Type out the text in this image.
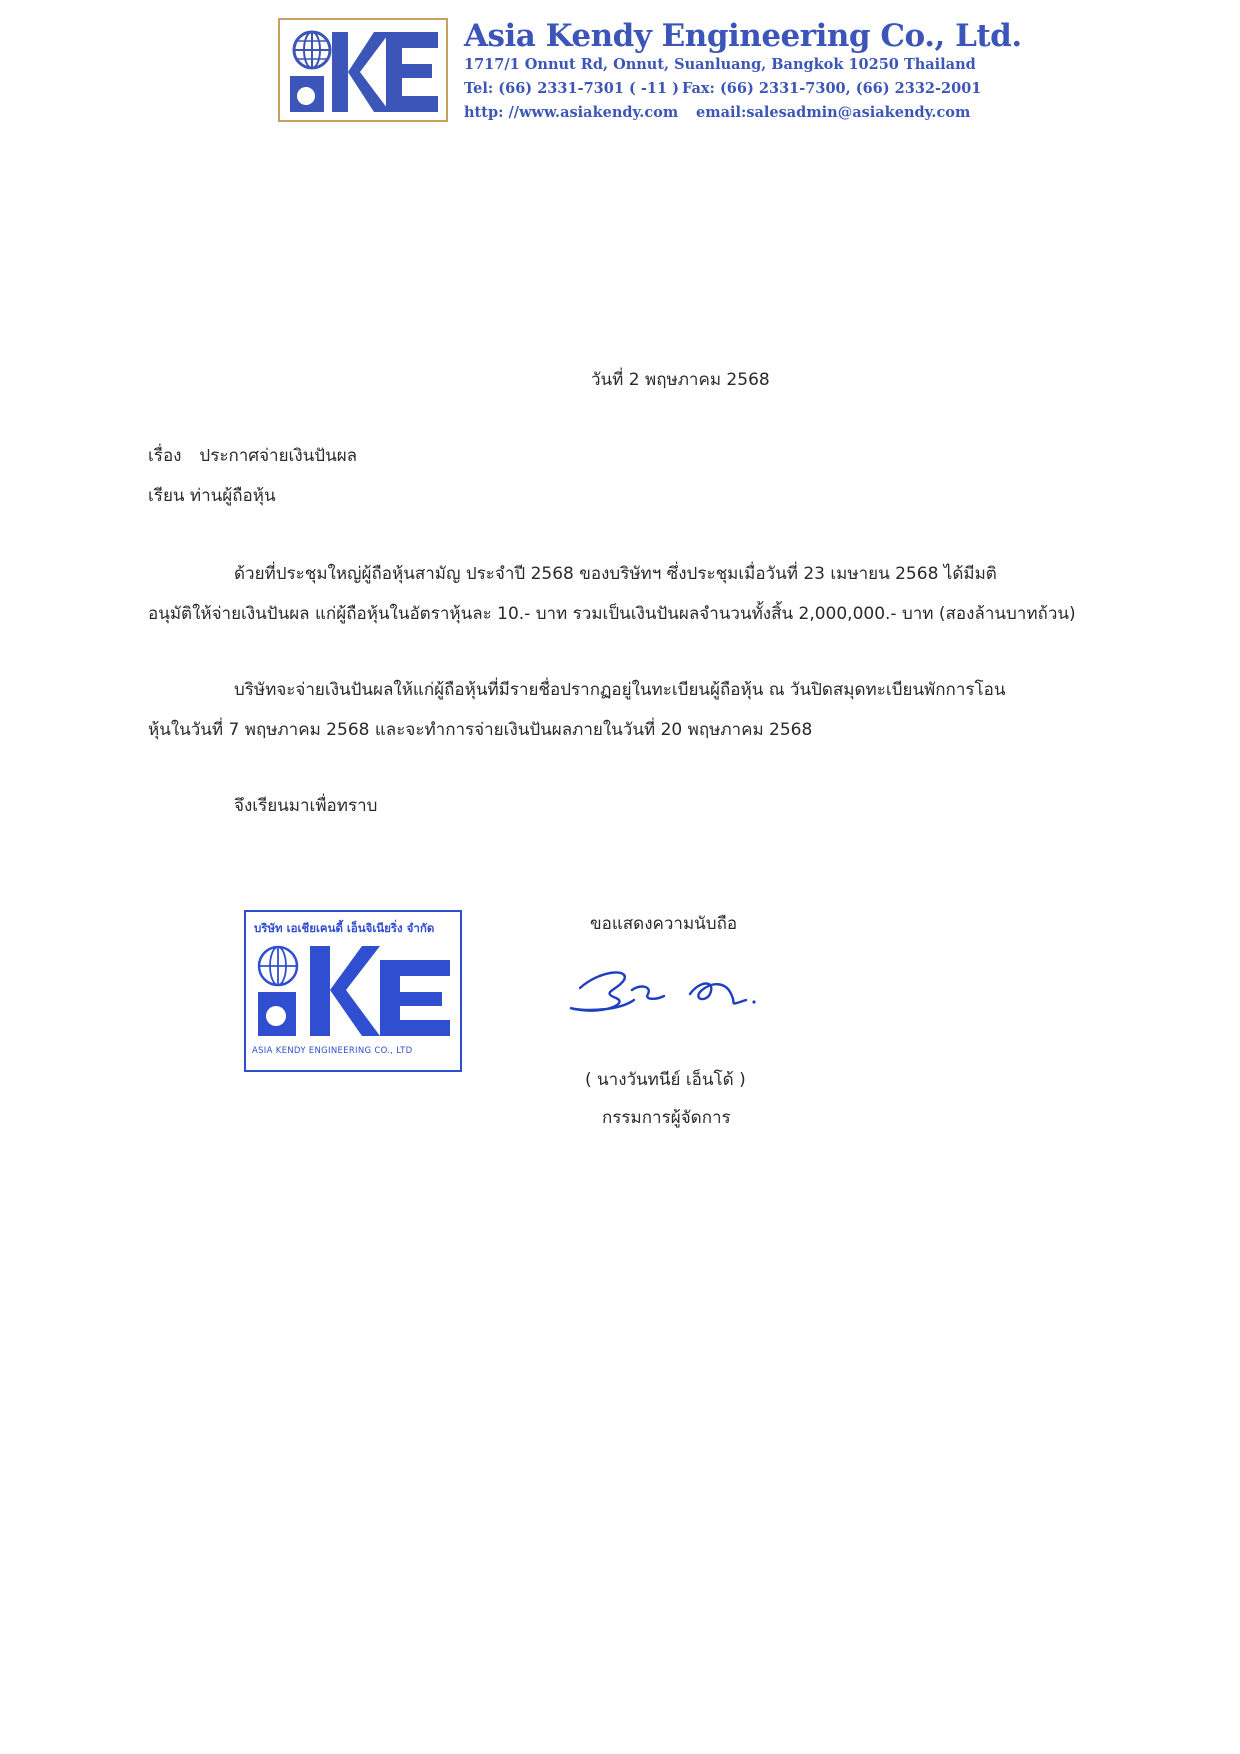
Asia Kendy Engineering Co., Ltd.
1717/1 Onnut Rd, Onnut, Suanluang, Bangkok 10250 Thailand
Tel: (66) 2331-7301 ( -11 ) Fax: (66) 2331-7300, (66) 2332-2001
http: //www.asiakendy.com email:salesadmin@asiakendy.com
วันที่ 2 พฤษภาคม 2568
เรื่อง ประกาศจ่ายเงินปันผล
เรียน ท่านผู้ถือหุ้น
ด้วยที่ประชุมใหญ่ผู้ถือหุ้นสามัญ ประจำปี 2568 ของบริษัทฯ ซึ่งประชุมเมื่อวันที่ 23 เมษายน 2568 ได้มีมติ
อนุมัติให้จ่ายเงินปันผล แก่ผู้ถือหุ้นในอัตราหุ้นละ 10.- บาท รวมเป็นเงินปันผลจำนวนทั้งสิ้น 2,000,000.- บาท (สองล้านบาทถ้วน)
บริษัทจะจ่ายเงินปันผลให้แก่ผู้ถือหุ้นที่มีรายชื่อปรากฏอยู่ในทะเบียนผู้ถือหุ้น ณ วันปิดสมุดทะเบียนพักการโอน
หุ้นในวันที่ 7 พฤษภาคม 2568 และจะทำการจ่ายเงินปันผลภายในวันที่ 20 พฤษภาคม 2568
จึงเรียนมาเพื่อทราบ
ขอแสดงความนับถือ
( นางวันทนีย์ เอ็นโด้ )
กรรมการผู้จัดการ
บริษัท เอเชียเคนดี้ เอ็นจิเนียริ่ง จำกัด
ASIA KENDY ENGINEERING CO., LTD
